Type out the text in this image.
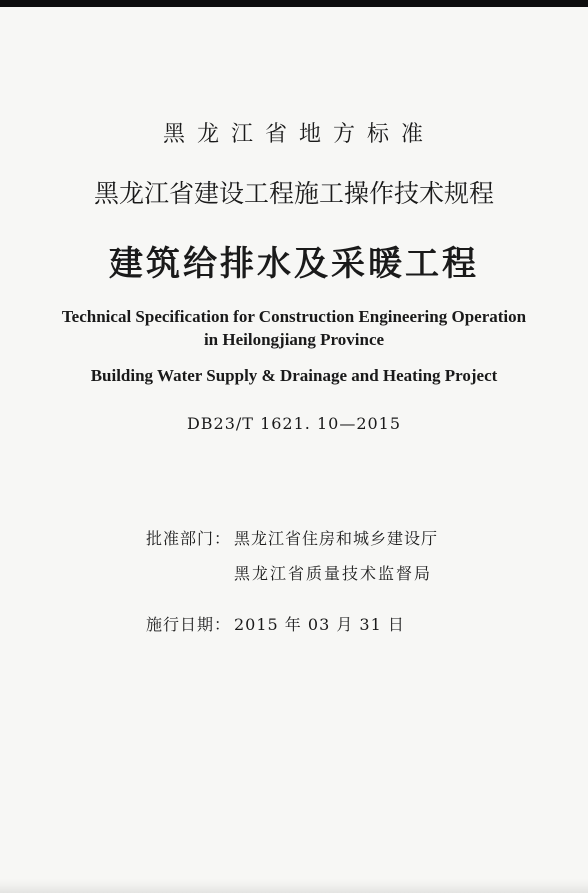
黑龙江省地方标准
黑龙江省建设工程施工操作技术规程
建筑给排水及采暖工程
Technical Specification for Construction Engineering Operation
in Heilongjiang Province
Building Water Supply & Drainage and Heating Project
DB23/T 1621. 10—2015
批准部门： 黑龙江省住房和城乡建设厅
黑龙江省质量技术监督局
施行日期： 2015 年 03 月 31 日
